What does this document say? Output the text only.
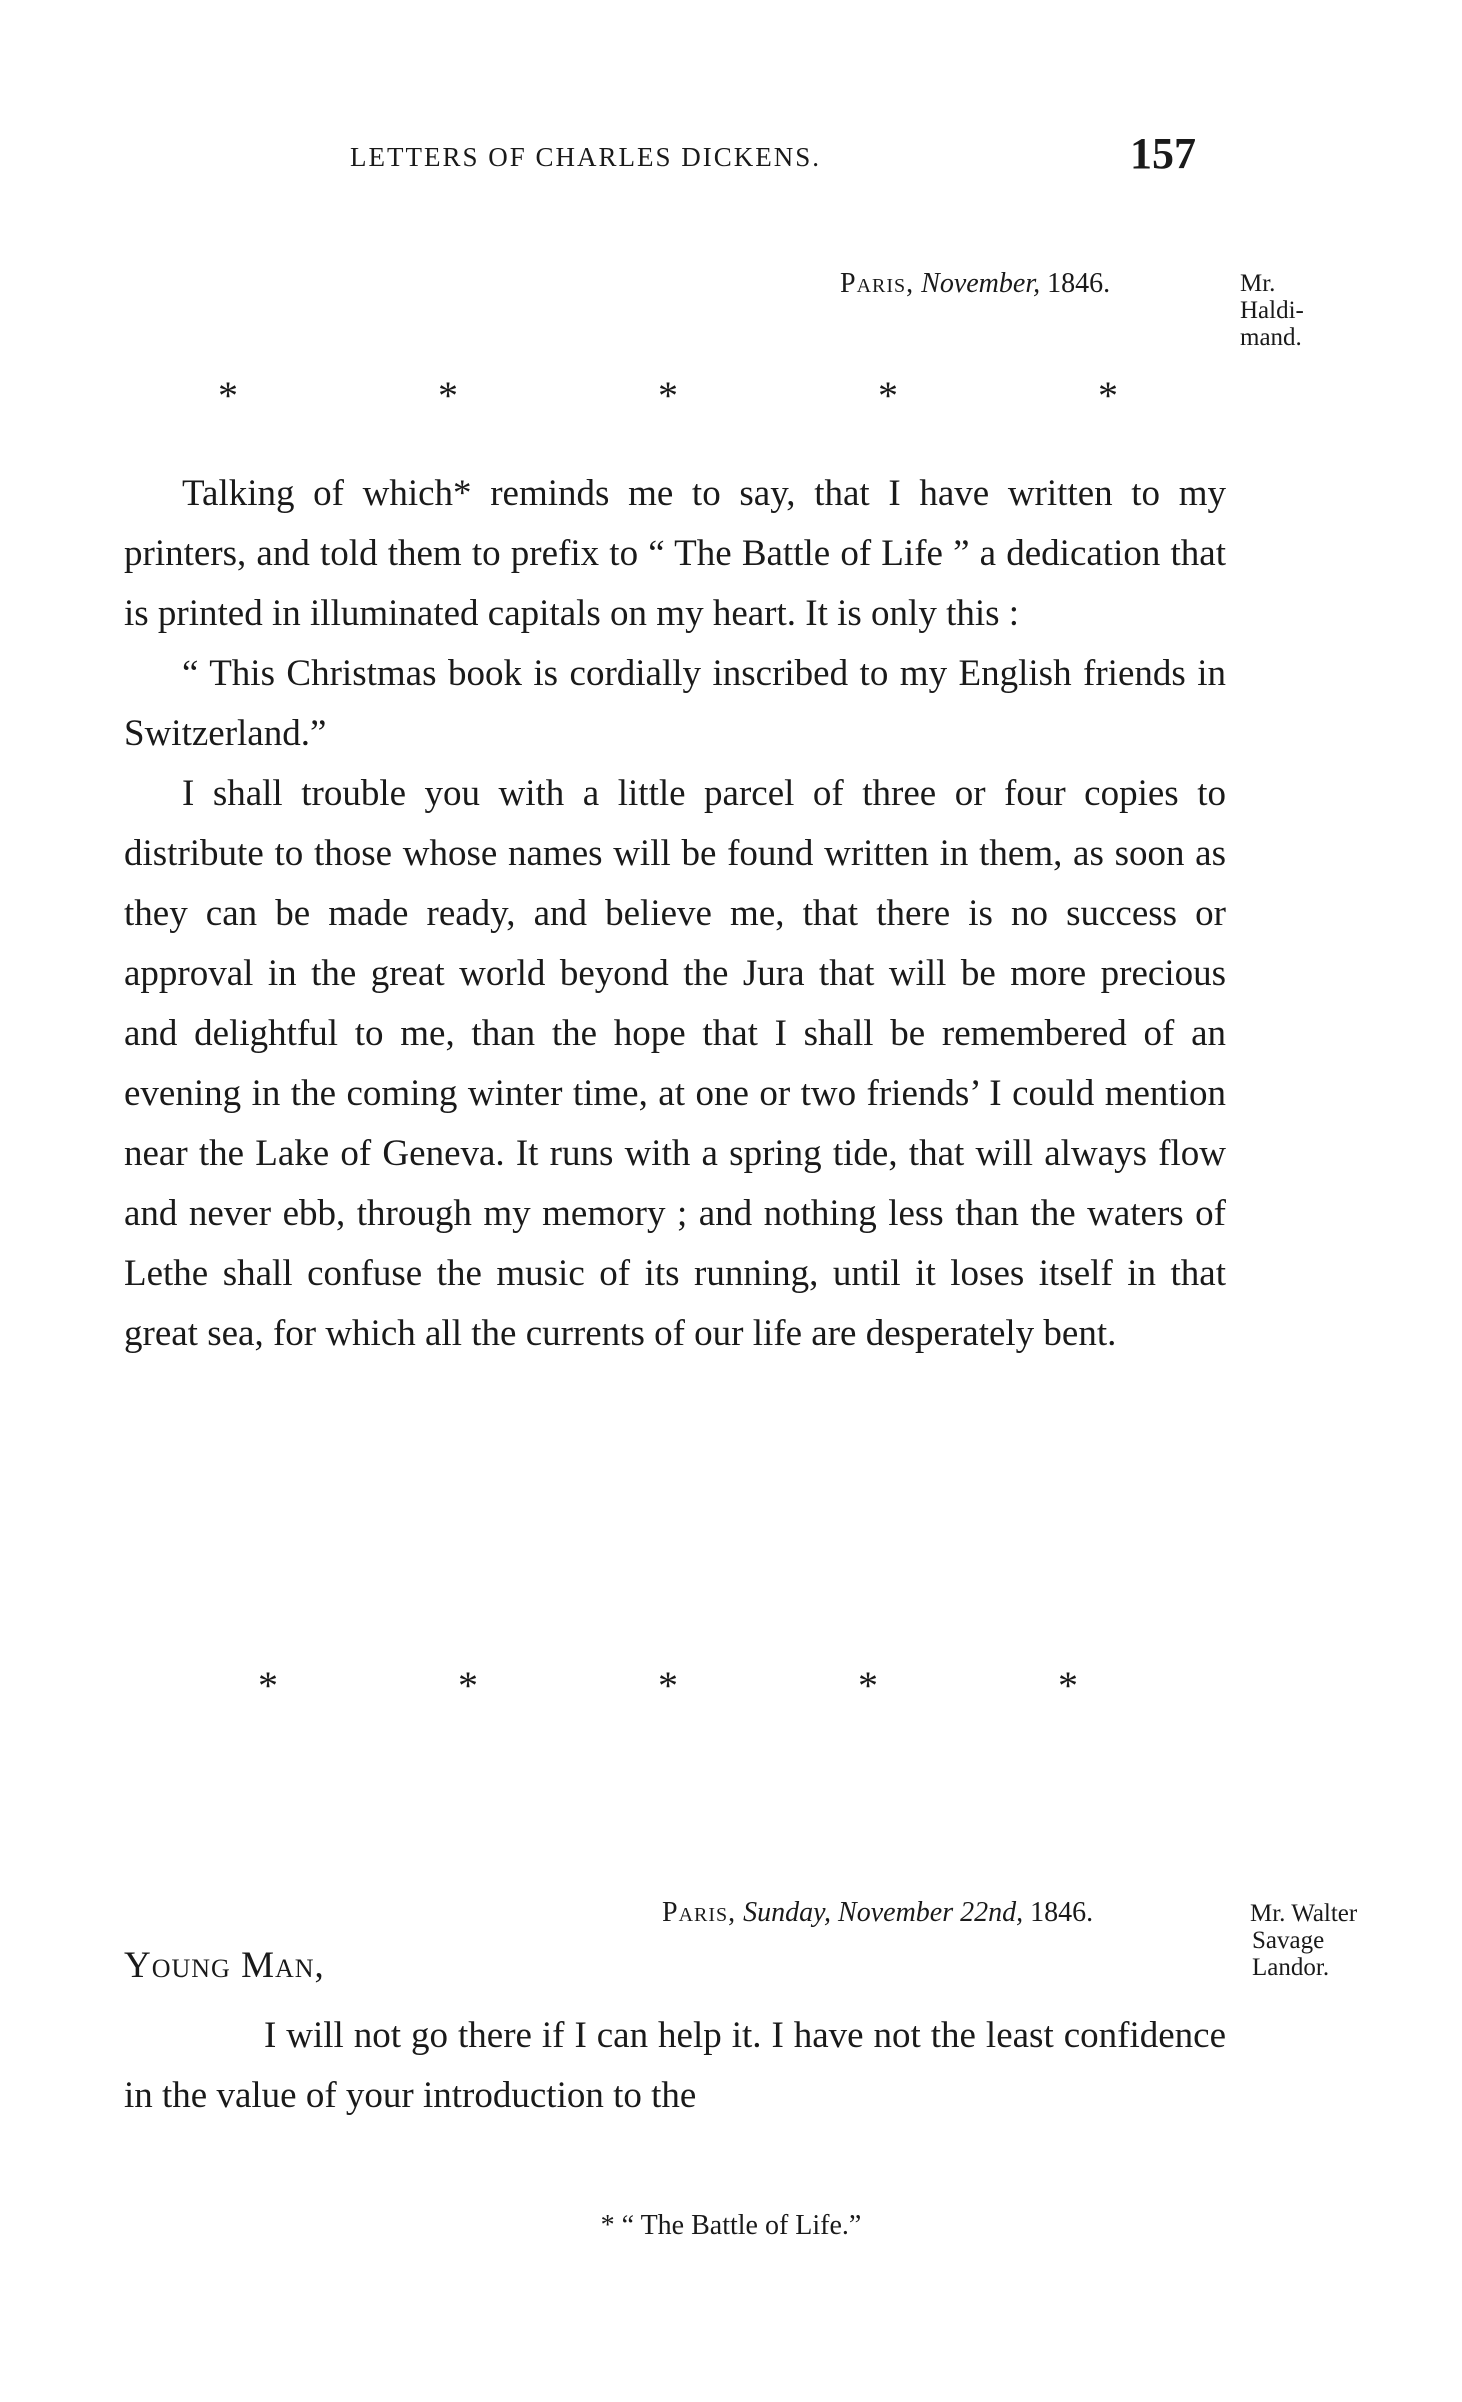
LETTERS OF CHARLES DICKENS.	157
Paris, November, 1846.	Mr.
Haldi-
mand.
*	*	*	*	*

Talking of which* reminds me to say, that I have written to my printers, and told them to prefix to “ The Battle of Life ” a dedication that is printed in illuminated capitals on my heart. It is only this :

“ This Christmas book is cordially inscribed to my English friends in Switzerland.”

I shall trouble you with a little parcel of three or four copies to distribute to those whose names will be found written in them, as soon as they can be made ready, and believe me, that there is no success or approval in the great world beyond the Jura that will be more precious and delightful to me, than the hope that I shall be remembered of an evening in the coming winter time, at one or two friends’ I could mention near the Lake of Geneva. It runs with a spring tide, that will always flow and never ebb, through my memory ; and nothing less than the waters of Lethe shall confuse the music of its running, until it loses itself in that great sea, for which all the currents of our life are desperately bent.

*	*	*	*	*
Paris, Sunday, November 22nd, 1846.	Mr. Walter
Savage
Landor.
Young Man,

I will not go there if I can help it. I have not the least confidence in the value of your introduction to the

* “ The Battle of Life.”
